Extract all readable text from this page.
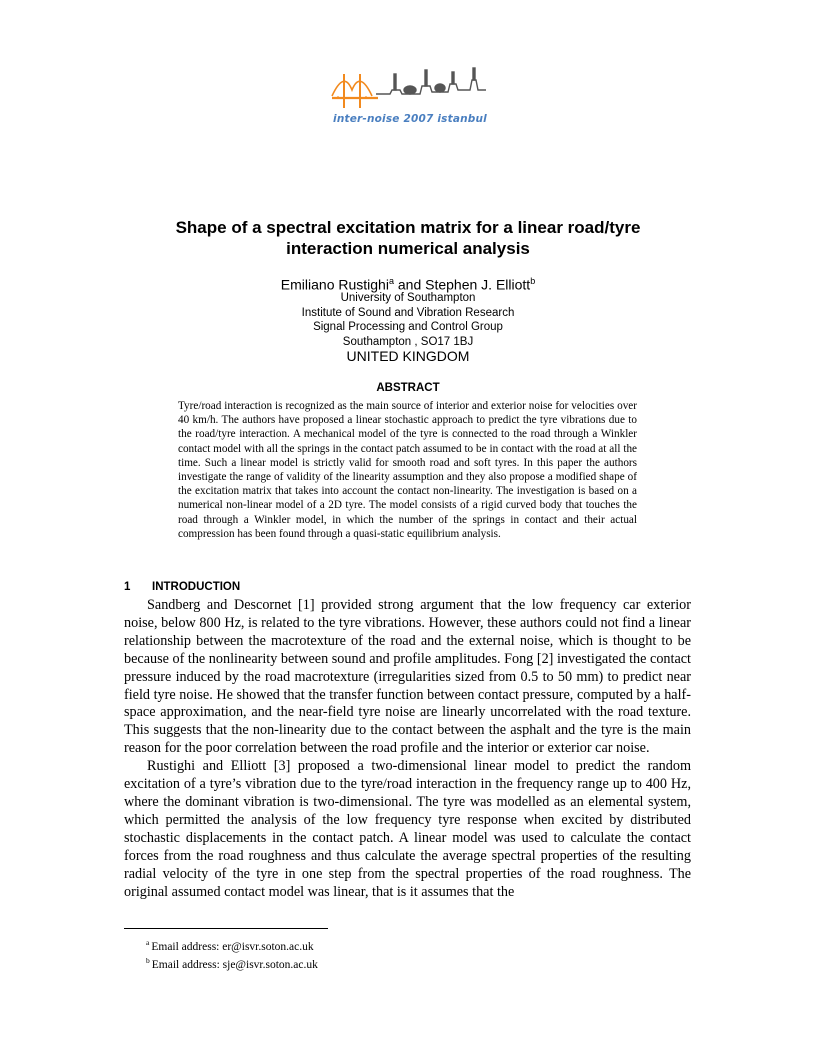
inter-noise 2007 istanbul
Shape of a spectral excitation matrix for a linear road/tyre
interaction numerical analysis
Emiliano Rustighi$^a$ and Stephen J. Elliott$^b$
University of Southampton
Institute of Sound and Vibration Research
Signal Processing and Control Group
Southampton , SO17 1BJ
UNITED KINGDOM
ABSTRACT

Tyre/road interaction is recognized as the main source of interior and exterior noise for velocities over 40 km/h. The authors have proposed a linear stochastic approach to predict the tyre vibrations due to the road/tyre interaction. A mechanical model of the tyre is connected to the road through a Winkler contact model with all the springs in the contact patch assumed to be in contact with the road at all the time. Such a linear model is strictly valid for smooth road and soft tyres. In this paper the authors investigate the range of validity of the linearity assumption and they also propose a modified shape of the excitation matrix that takes into account the contact non-linearity. The investigation is based on a numerical non-linear model of a 2D tyre. The model consists of a rigid curved body that touches the road through a Winkler model, in which the number of the springs in contact and their actual compression has been found through a quasi-static equilibrium analysis.

1 INTRODUCTION

Sandberg and Descornet [1] provided strong argument that the low frequency car exterior noise, below 800 Hz, is related to the tyre vibrations. However, these authors could not find a linear relationship between the macrotexture of the road and the external noise, which is thought to be because of the nonlinearity between sound and profile amplitudes. Fong [2] investigated the contact pressure induced by the road macrotexture (irregularities sized from 0.5 to 50 mm) to predict near field tyre noise. He showed that the transfer function between contact pressure, computed by a half-space approximation, and the near-field tyre noise are linearly uncorrelated with the road texture. This suggests that the non-linearity due to the contact between the asphalt and the tyre is the main reason for the poor correlation between the road profile and the interior or exterior car noise.

Rustighi and Elliott [3] proposed a two-dimensional linear model to predict the random excitation of a tyre’s vibration due to the tyre/road interaction in the frequency range up to 400 Hz, where the dominant vibration is two-dimensional. The tyre was modelled as an elemental system, which permitted the analysis of the low frequency tyre response when excited by distributed stochastic displacements in the contact patch. A linear model was used to calculate the contact forces from the road roughness and thus calculate the average spectral properties of the resulting radial velocity of the tyre in one step from the spectral properties of the road roughness. The original assumed contact model was linear, that is it assumes that the

$^a$ Email address: er@isvr.soton.ac.uk
$^b$ Email address: sje@isvr.soton.ac.uk
